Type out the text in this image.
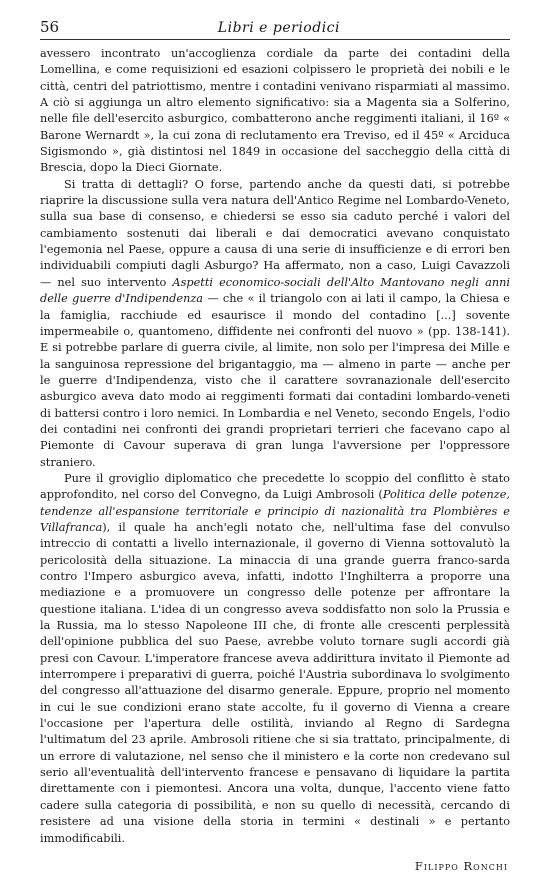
56	Libri e periodici

avessero incontrato un'accoglienza cordiale da parte dei contadini della Lomellina, e come requisizioni ed esazioni colpissero le proprietà dei nobili e le città, centri del patriottismo, mentre i contadini venivano risparmiati al massimo. A ciò si aggiunga un altro elemento significativo: sia a Magenta sia a Solferino, nelle file dell'esercito asburgico, combatterono anche reggimenti italiani, il 16º « Barone Wernardt », la cui zona di reclutamento era Treviso, ed il 45º « Arciduca Sigismondo », già distintosi nel 1849 in occasione del saccheggio della città di Brescia, dopo la Dieci Giornate.

Si tratta di dettagli? O forse, partendo anche da questi dati, si potrebbe riaprire la discussione sulla vera natura dell'Antico Regime nel Lombardo-Veneto, sulla sua base di consenso, e chiedersi se esso sia caduto perché i valori del cambiamento sostenuti dai liberali e dai democratici avevano conquistato l'egemonia nel Paese, oppure a causa di una serie di insufficienze e di errori ben individuabili compiuti dagli Asburgo? Ha affermato, non a caso, Luigi Cavazzoli — nel suo intervento Aspetti economico-sociali dell'Alto Mantovano negli anni delle guerre d'Indipendenza — che « il triangolo con ai lati il campo, la Chiesa e la famiglia, racchiude ed esaurisce il mondo del contadino [...] sovente impermeabile o, quantomeno, diffidente nei confronti del nuovo » (pp. 138-141). E si potrebbe parlare di guerra civile, al limite, non solo per l'impresa dei Mille e la sanguinosa repressione del brigantaggio, ma — almeno in parte — anche per le guerre d'Indipendenza, visto che il carattere sovranazionale dell'esercito asburgico aveva dato modo ai reggimenti formati dai contadini lombardo-veneti di battersi contro i loro nemici. In Lombardia e nel Veneto, secondo Engels, l'odio dei contadini nei confronti dei grandi proprietari terrieri che facevano capo al Piemonte di Cavour superava di gran lunga l'avversione per l'oppressore straniero.

Pure il groviglio diplomatico che precedette lo scoppio del conflitto è stato approfondito, nel corso del Convegno, da Luigi Ambrosoli (Politica delle potenze, tendenze all'espansione territoriale e principio di nazionalità tra Plombières e Villafranca), il quale ha anch'egli notato che, nell'ultima fase del convulso intreccio di contatti a livello internazionale, il governo di Vienna sottovalutò la pericolosità della situazione. La minaccia di una grande guerra franco-sarda contro l'Impero asburgico aveva, infatti, indotto l'Inghilterra a proporre una mediazione e a promuovere un congresso delle potenze per affrontare la questione italiana. L'idea di un congresso aveva soddisfatto non solo la Prussia e la Russia, ma lo stesso Napoleone III che, di fronte alle crescenti perplessità dell'opinione pubblica del suo Paese, avrebbe voluto tornare sugli accordi già presi con Cavour. L'imperatore francese aveva addirittura invitato il Piemonte ad interrompere i preparativi di guerra, poiché l'Austria subordinava lo svolgimento del congresso all'attuazione del disarmo generale. Eppure, proprio nel momento in cui le sue condizioni erano state accolte, fu il governo di Vienna a creare l'occasione per l'apertura delle ostilità, inviando al Regno di Sardegna l'ultimatum del 23 aprile. Ambrosoli ritiene che si sia trattato, principalmente, di un errore di valutazione, nel senso che il ministero e la corte non credevano sul serio all'eventualità dell'intervento francese e pensavano di liquidare la partita direttamente con i piemontesi. Ancora una volta, dunque, l'accento viene fatto cadere sulla categoria di possibilità, e non su quello di necessità, cercando di resistere ad una visione della storia in termini « destinali » e pertanto immodificabili.

Filippo Ronchi
